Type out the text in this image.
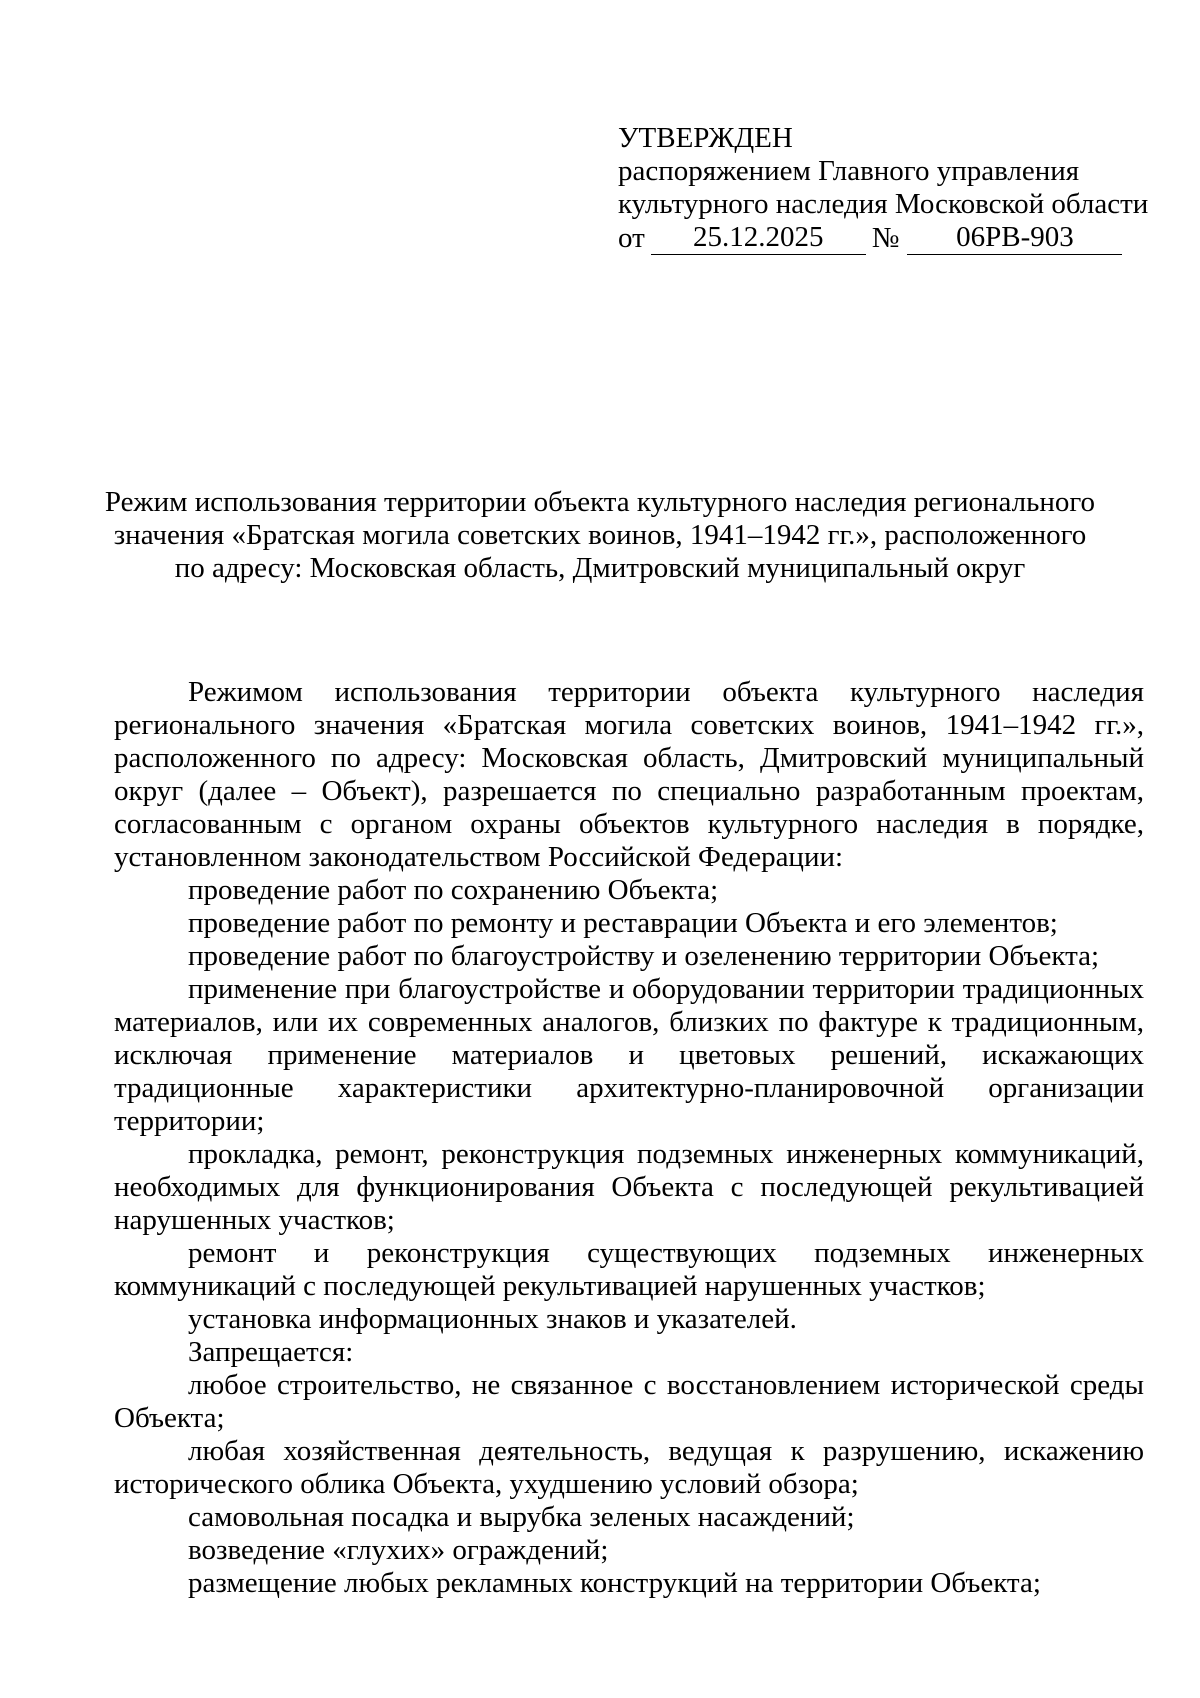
УТВЕРЖДЕН
распоряжением Главного управления
культурного наследия Московской области
от	25.12.2025	№	06РВ-903
Режим использования территории объекта культурного наследия регионального
значения «Братская могила советских воинов, 1941–1942 гг.», расположенного
по адресу: Московская область, Дмитровский муниципальный округ

Режимом использования территории объекта культурного наследия регионального значения «Братская могила советских воинов, 1941–1942 гг.», расположенного по адресу: Московская область, Дмитровский муниципальный округ (далее – Объект), разрешается по специально разработанным проектам, согласованным с органом охраны объектов культурного наследия в порядке, установленном законодательством Российской Федерации:

проведение работ по сохранению Объекта;

проведение работ по ремонту и реставрации Объекта и его элементов;

проведение работ по благоустройству и озеленению территории Объекта;

применение при благоустройстве и оборудовании территории традиционных материалов, или их современных аналогов, близких по фактуре к традиционным, исключая применение материалов и цветовых решений, искажающих традиционные характеристики архитектурно-планировочной организации территории;

прокладка, ремонт, реконструкция подземных инженерных коммуникаций, необходимых для функционирования Объекта с последующей рекультивацией нарушенных участков;

ремонт и реконструкция существующих подземных инженерных коммуникаций с последующей рекультивацией нарушенных участков;

установка информационных знаков и указателей.

Запрещается:

любое строительство, не связанное с восстановлением исторической среды Объекта;

любая хозяйственная деятельность, ведущая к разрушению, искажению исторического облика Объекта, ухудшению условий обзора;

самовольная посадка и вырубка зеленых насаждений;

возведение «глухих» ограждений;

размещение любых рекламных конструкций на территории Объекта;
